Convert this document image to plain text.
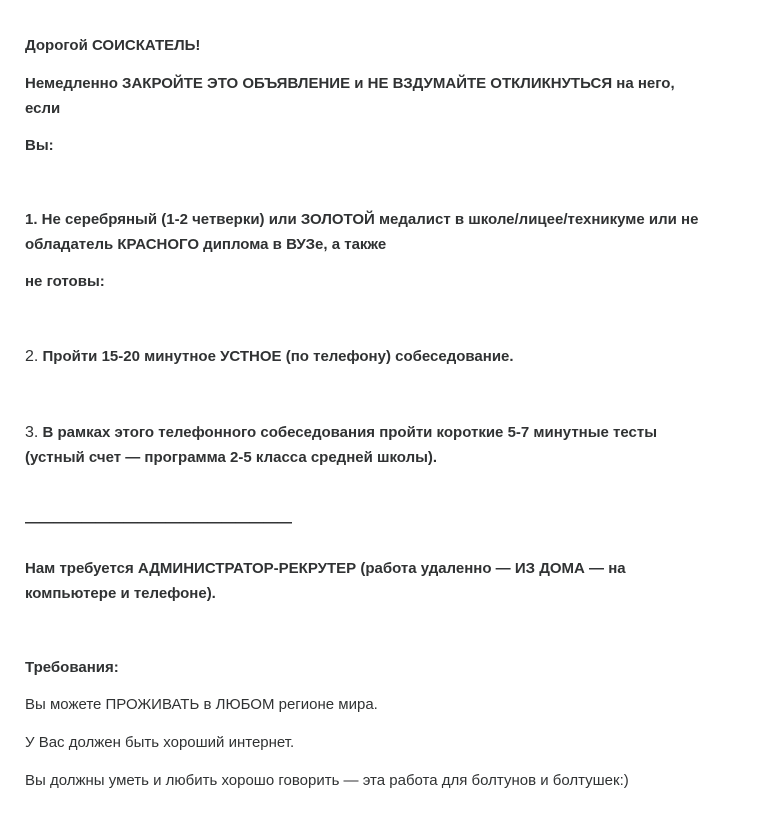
Дорогой СОИСКАТЕЛЬ!

Немедленно ЗАКРОЙТЕ ЭТО ОБЪЯВЛЕНИЕ и НЕ ВЗДУМАЙТЕ ОТКЛИКНУТЬСЯ на него,

если

Вы:

1. Не серебряный (1-2 четверки) или ЗОЛОТОЙ медалист в школе/лицее/техникуме или не

обладатель КРАСНОГО диплома в ВУЗе, а также

не готовы:

2. Пройти 15-20 минутное УСТНОЕ (по телефону) собеседование.

3. В рамках этого телефонного собеседования пройти короткие 5-7 минутные тесты

(устный счет — программа 2-5 класса средней школы).

———————————————————

Нам требуется АДМИНИСТРАТОР-РЕКРУТЕР (работа удаленно — ИЗ ДОМА — на

компьютере и телефоне).

Требования:

Вы можете ПРОЖИВАТЬ в ЛЮБОМ регионе мира.

У Вас должен быть хороший интернет.

Вы должны уметь и любить хорошо говорить — эта работа для болтунов и болтушек:)
